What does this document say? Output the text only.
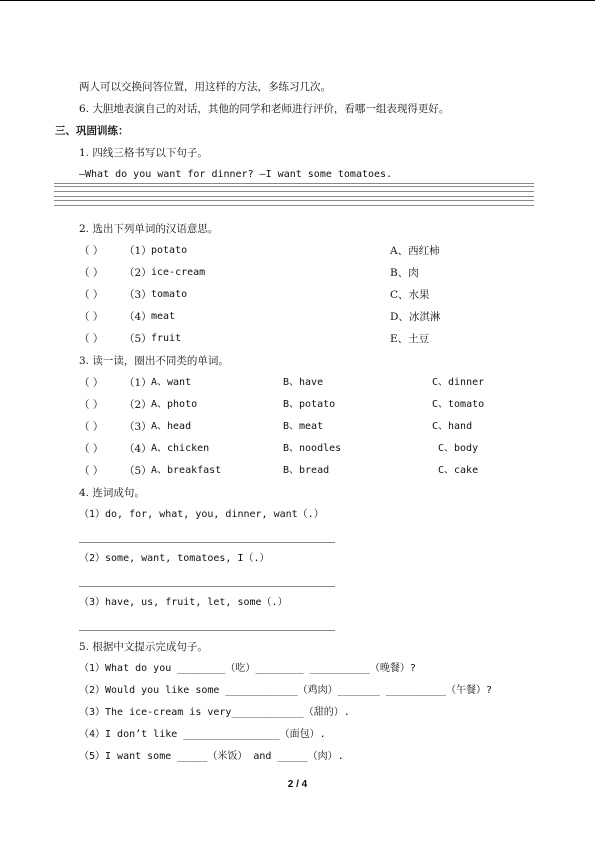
两人可以交换问答位置，用这样的方法，多练习几次。
6. 大胆地表演自己的对话，其他的同学和老师进行评价，看哪一组表现得更好。
三、巩固训练：
1. 四线三格书写以下句子。
—What do you want for dinner? —I want some tomatoes.
2. 选出下列单词的汉语意思。
（ ） （1） potato	A、西红柿
（ ） （2） ice-cream	B、肉
（ ） （3） tomato	C、水果
（ ） （4） meat	D、冰淇淋
（ ） （5） fruit	E、土豆
3. 读一读，圈出不同类的单词。
（ ） （1） A、want	B、have	C、dinner
（ ） （2） A、photo	B、potato	C、tomato
（ ） （3） A、head	B、meat	C、hand
（ ） （4） A、chicken	B、noodles	C、body
（ ） （5） A、breakfast	B、bread	C、cake
4. 连词成句。
（1）do, for, what, you, dinner, want（.）
（2）some, want, tomatoes, I（.）
（3）have, us, fruit, let, some（.）
5. 根据中文提示完成句子。
（1）What do you ________（吃）________ __________（晚餐）?
（2）Would you like some ____________（鸡肉）_______ __________（午餐）?
（3）The ice-cream is very____________（甜的）.
（4）I don’t like ________________（面包）.
（5）I want some _____（米饭） and _____（肉）.
2 / 4
